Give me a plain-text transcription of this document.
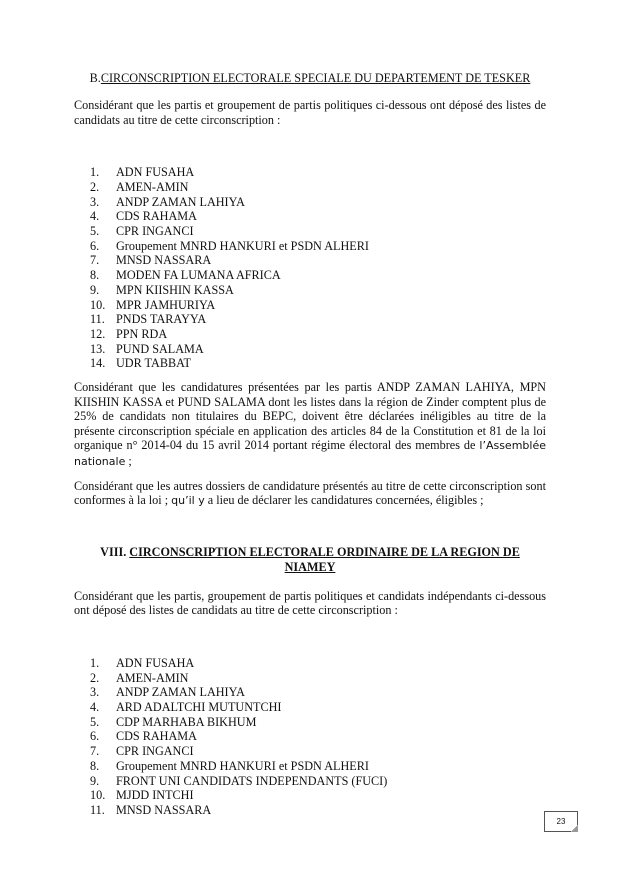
B.CIRCONSCRIPTION ELECTORALE SPECIALE DU DEPARTEMENT DE TESKER

Considérant que les partis et groupement de partis politiques ci-dessous ont déposé des listes de candidats au titre de cette circonscription :

1.	ADN FUSAHA
2.	AMEN-AMIN
3.	ANDP ZAMAN LAHIYA
4.	CDS RAHAMA
5.	CPR INGANCI
6.	Groupement MNRD HANKURI et PSDN ALHERI
7.	MNSD NASSARA
8.	MODEN FA LUMANA AFRICA
9.	MPN KIISHIN KASSA
10. MPR JAMHURIYA
11. PNDS TARAYYA
12. PPN RDA
13. PUND SALAMA
14. UDR TABBAT

Considérant que les candidatures présentées par les partis ANDP ZAMAN LAHIYA, MPN KIISHIN KASSA et PUND SALAMA dont les listes dans la région de Zinder comptent plus de 25% de candidats non titulaires du BEPC, doivent être déclarées inéligibles au titre de la présente circonscription spéciale en application des articles 84 de la Constitution et 81 de la loi organique n° 2014-04 du 15 avril 2014 portant régime électoral des membres de l’Assemblée nationale ;

Considérant que les autres dossiers de candidature présentés au titre de cette circonscription sont conformes à la loi ; qu’il y a lieu de déclarer les candidatures concernées, éligibles ;

VIII. CIRCONSCRIPTION ELECTORALE ORDINAIRE DE LA REGION DE NIAMEY

Considérant que les partis, groupement de partis politiques et candidats indépendants ci-dessous ont déposé des listes de candidats au titre de cette circonscription :

1.	ADN FUSAHA
2.	AMEN-AMIN
3.	ANDP ZAMAN LAHIYA
4.	ARD ADALTCHI MUTUNTCHI
5.	CDP MARHABA BIKHUM
6.	CDS RAHAMA
7.	CPR INGANCI
8.	Groupement MNRD HANKURI et PSDN ALHERI
9.	FRONT UNI CANDIDATS INDEPENDANTS (FUCI)
10. MJDD INTCHI
11. MNSD NASSARA
23
